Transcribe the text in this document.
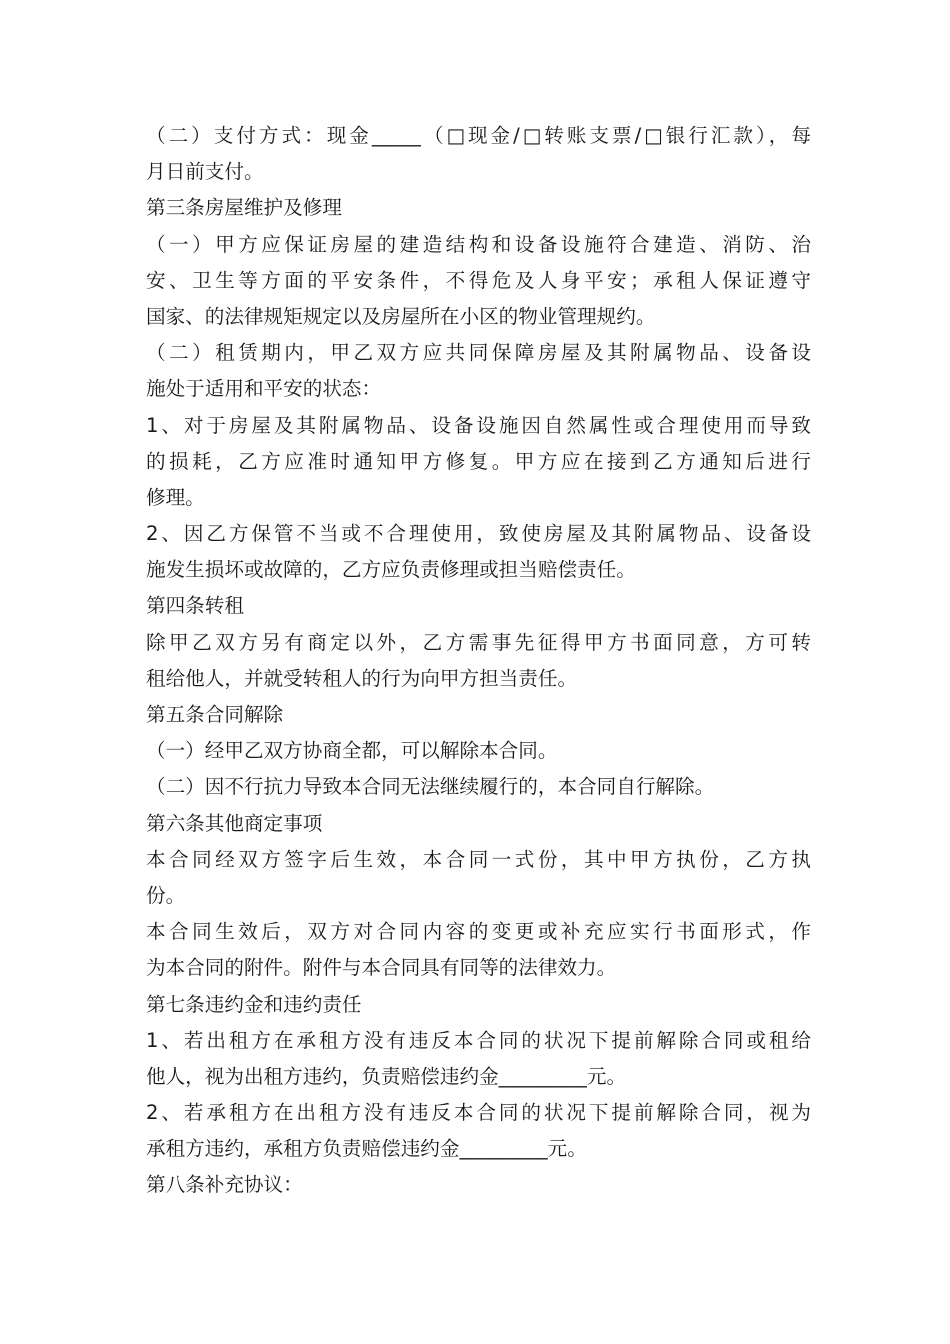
（二）支付方式：现金_____（□现金/□转账支票/□银行汇款），每
月日前支付。
第三条房屋维护及修理
（一）甲方应保证房屋的建造结构和设备设施符合建造、消防、治
安、卫生等方面的平安条件，不得危及人身平安；承租人保证遵守
国家、的法律规矩规定以及房屋所在小区的物业管理规约。
（二）租赁期内，甲乙双方应共同保障房屋及其附属物品、设备设
施处于适用和平安的状态：
1、对于房屋及其附属物品、设备设施因自然属性或合理使用而导致
的损耗，乙方应准时通知甲方修复。甲方应在接到乙方通知后进行
修理。
2、因乙方保管不当或不合理使用，致使房屋及其附属物品、设备设
施发生损坏或故障的，乙方应负责修理或担当赔偿责任。
第四条转租
除甲乙双方另有商定以外，乙方需事先征得甲方书面同意，方可转
租给他人，并就受转租人的行为向甲方担当责任。
第五条合同解除
（一）经甲乙双方协商全都，可以解除本合同。
（二）因不行抗力导致本合同无法继续履行的，本合同自行解除。
第六条其他商定事项
本合同经双方签字后生效，本合同一式份，其中甲方执份，乙方执
份。
本合同生效后，双方对合同内容的变更或补充应实行书面形式，作
为本合同的附件。附件与本合同具有同等的法律效力。
第七条违约金和违约责任
1、若出租方在承租方没有违反本合同的状况下提前解除合同或租给
他人，视为出租方违约，负责赔偿违约金_________元。
2、若承租方在出租方没有违反本合同的状况下提前解除合同，视为
承租方违约，承租方负责赔偿违约金_________元。
第八条补充协议：
